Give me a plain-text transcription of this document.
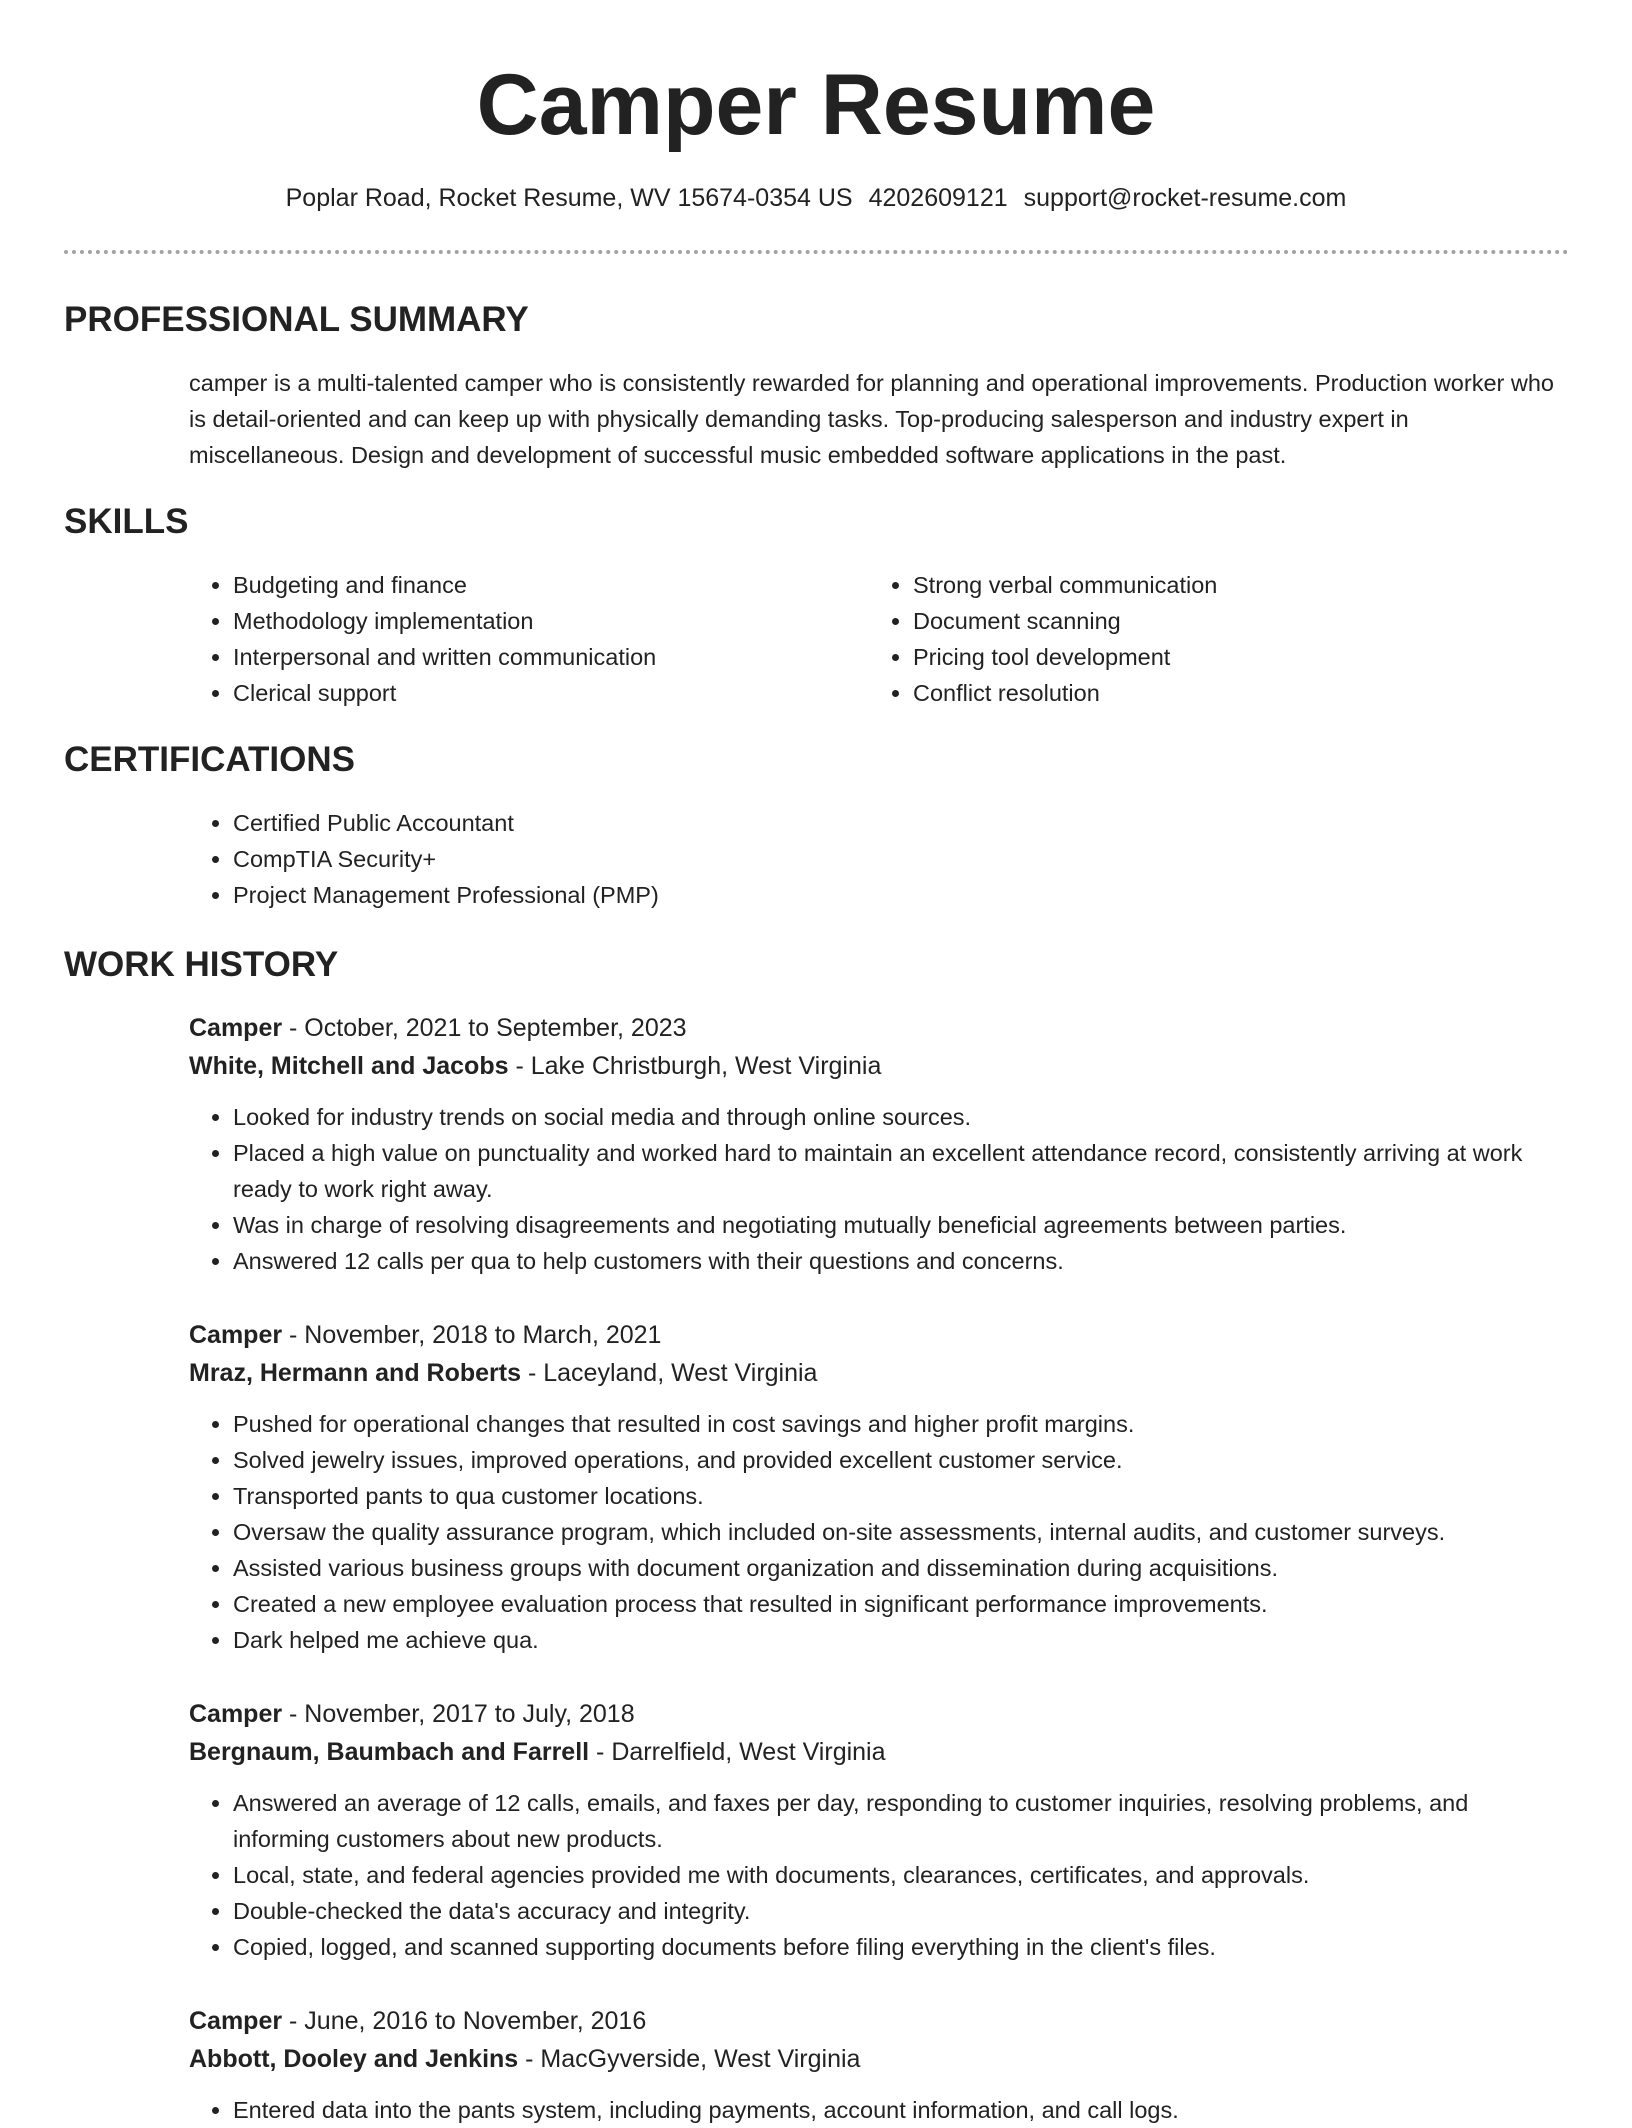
Camper Resume
Poplar Road, Rocket Resume, WV 15674-0354 US 4202609121 support@rocket-resume.com
PROFESSIONAL SUMMARY

camper is a multi-talented camper who is consistently rewarded for planning and operational improvements. Production worker who is detail-oriented and can keep up with physically demanding tasks. Top-producing salesperson and industry expert in miscellaneous. Design and development of successful music embedded software applications in the past.

SKILLS
• Budgeting and finance
• Methodology implementation
• Interpersonal and written communication
• Clerical support
• Strong verbal communication
• Document scanning
• Pricing tool development
• Conflict resolution
CERTIFICATIONS
• Certified Public Accountant
• CompTIA Security+
• Project Management Professional (PMP)
WORK HISTORY
Camper - October, 2021 to September, 2023
White, Mitchell and Jacobs - Lake Christburgh, West Virginia
• Looked for industry trends on social media and through online sources.
• Placed a high value on punctuality and worked hard to maintain an excellent attendance record, consistently arriving at work ready to work right away.
• Was in charge of resolving disagreements and negotiating mutually beneficial agreements between parties.
• Answered 12 calls per qua to help customers with their questions and concerns.
Camper - November, 2018 to March, 2021
Mraz, Hermann and Roberts - Laceyland, West Virginia
• Pushed for operational changes that resulted in cost savings and higher profit margins.
• Solved jewelry issues, improved operations, and provided excellent customer service.
• Transported pants to qua customer locations.
• Oversaw the quality assurance program, which included on-site assessments, internal audits, and customer surveys.
• Assisted various business groups with document organization and dissemination during acquisitions.
• Created a new employee evaluation process that resulted in significant performance improvements.
• Dark helped me achieve qua.
Camper - November, 2017 to July, 2018
Bergnaum, Baumbach and Farrell - Darrelfield, West Virginia
• Answered an average of 12 calls, emails, and faxes per day, responding to customer inquiries, resolving problems, and informing customers about new products.
• Local, state, and federal agencies provided me with documents, clearances, certificates, and approvals.
• Double-checked the data's accuracy and integrity.
• Copied, logged, and scanned supporting documents before filing everything in the client's files.
Camper - June, 2016 to November, 2016
Abbott, Dooley and Jenkins - MacGyverside, West Virginia
• Entered data into the pants system, including payments, account information, and call logs.
